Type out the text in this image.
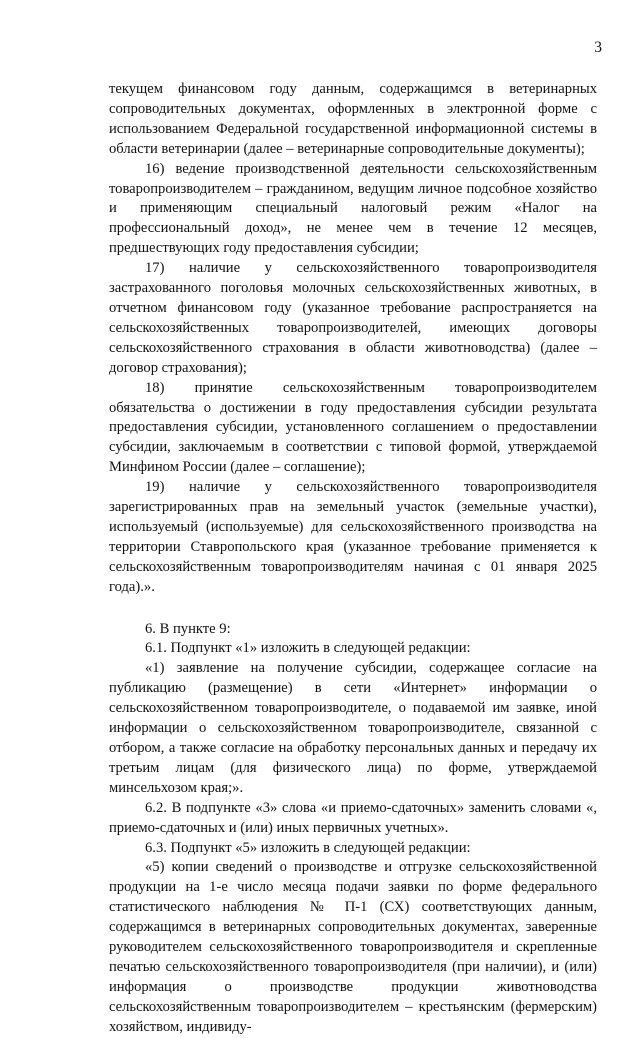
3

текущем финансовом году данным, содержащимся в ветеринарных сопроводительных документах, оформленных в электронной форме с использованием Федеральной государственной информационной системы в области ветеринарии (далее – ветеринарные сопроводительные документы);

16) ведение производственной деятельности сельскохозяйственным товаропроизводителем – гражданином, ведущим личное подсобное хозяйство и применяющим специальный налоговый режим «Налог на профессиональный доход», не менее чем в течение 12 месяцев, предшествующих году предоставления субсидии;

17) наличие у сельскохозяйственного товаропроизводителя застрахованного поголовья молочных сельскохозяйственных животных, в отчетном финансовом году (указанное требование распространяется на сельскохозяйственных товаропроизводителей, имеющих договоры сельскохозяйственного страхования в области животноводства) (далее – договор страхования);

18) принятие сельскохозяйственным товаропроизводителем обязательства о достижении в году предоставления субсидии результата предоставления субсидии, установленного соглашением о предоставлении субсидии, заключаемым в соответствии с типовой формой, утверждаемой Минфином России (далее – соглашение);

19) наличие у сельскохозяйственного товаропроизводителя зарегистрированных прав на земельный участок (земельные участки), используемый (используемые) для сельскохозяйственного производства на территории Ставропольского края (указанное требование применяется к сельскохозяйственным товаропроизводителям начиная с 01 января 2025 года).».

6. В пункте 9:

6.1. Подпункт «1» изложить в следующей редакции:

«1) заявление на получение субсидии, содержащее согласие на публикацию (размещение) в сети «Интернет» информации о сельскохозяйственном товаропроизводителе, о подаваемой им заявке, иной информации о сельскохозяйственном товаропроизводителе, связанной с отбором, а также согласие на обработку персональных данных и передачу их третьим лицам (для физического лица) по форме, утверждаемой минсельхозом края;».

6.2. В подпункте «3» слова «и приемо-сдаточных» заменить словами «, приемо-сдаточных и (или) иных первичных учетных».

6.3. Подпункт «5» изложить в следующей редакции:

«5) копии сведений о производстве и отгрузке сельскохозяйственной продукции на 1-е число месяца подачи заявки по форме федерального статистического наблюдения № П-1 (СХ) соответствующих данным, содержащимся в ветеринарных сопроводительных документах, заверенные руководителем сельскохозяйственного товаропроизводителя и скрепленные печатью сельскохозяйственного товаропроизводителя (при наличии), и (или) информация о производстве продукции животноводства сельскохозяйственным товаропроизводителем – крестьянским (фермерским) хозяйством, индивиду-
